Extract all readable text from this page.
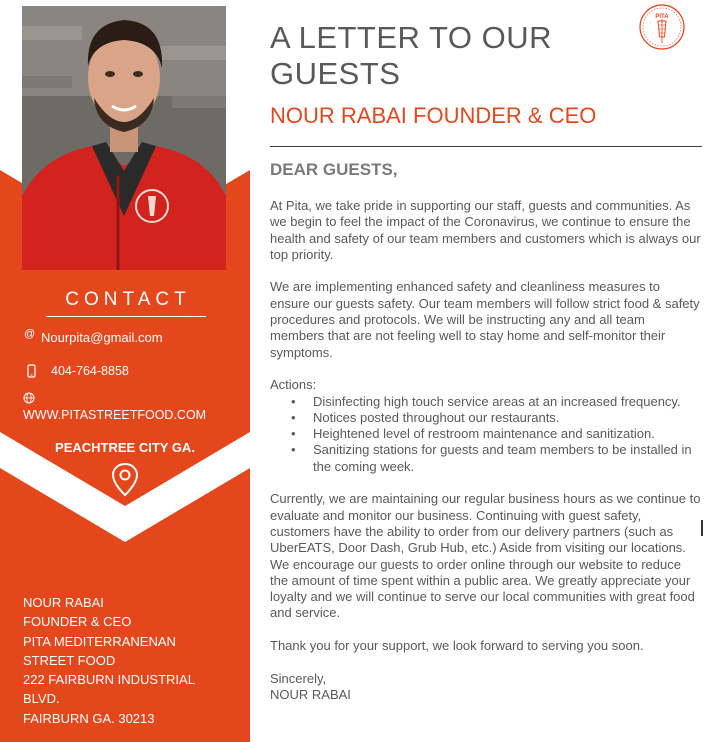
CONTACT
@ Nourpita@gmail.com
404-764-8858
WWW.PITASTREETFOOD.COM
PEACHTREE CITY GA.
NOUR RABAI
FOUNDER & CEO
PITA MEDITERRANENAN
STREET FOOD
222 FAIRBURN INDUSTRIAL
BLVD.
FAIRBURN GA. 30213
PITA
A LETTER TO OUR
GUESTS
NOUR RABAI FOUNDER & CEO
DEAR GUESTS,

At Pita, we take pride in supporting our staff, guests and communities. As we begin to feel the impact of the Coronavirus, we continue to ensure the health and safety of our team members and customers which is always our top priority.

We are implementing enhanced safety and cleanliness measures to ensure our guests safety. Our team members will follow strict food & safety procedures and protocols. We will be instructing any and all team members that are not feeling well to stay home and self-monitor their symptoms.

Actions:

• Disinfecting high touch service areas at an increased frequency.
• Notices posted throughout our restaurants.
• Heightened level of restroom maintenance and sanitization.
• Sanitizing stations for guests and team members to be installed in the coming week.

Currently, we are maintaining our regular business hours as we continue to evaluate and monitor our business. Continuing with guest safety, customers have the ability to order from our delivery partners (such as UberEATS, Door Dash, Grub Hub, etc.) Aside from visiting our locations. We encourage our guests to order online through our website to reduce the amount of time spent within a public area. We greatly appreciate your loyalty and we will continue to serve our local communities with great food and service.

Thank you for your support, we look forward to serving you soon.

Sincerely,

NOUR RABAI
